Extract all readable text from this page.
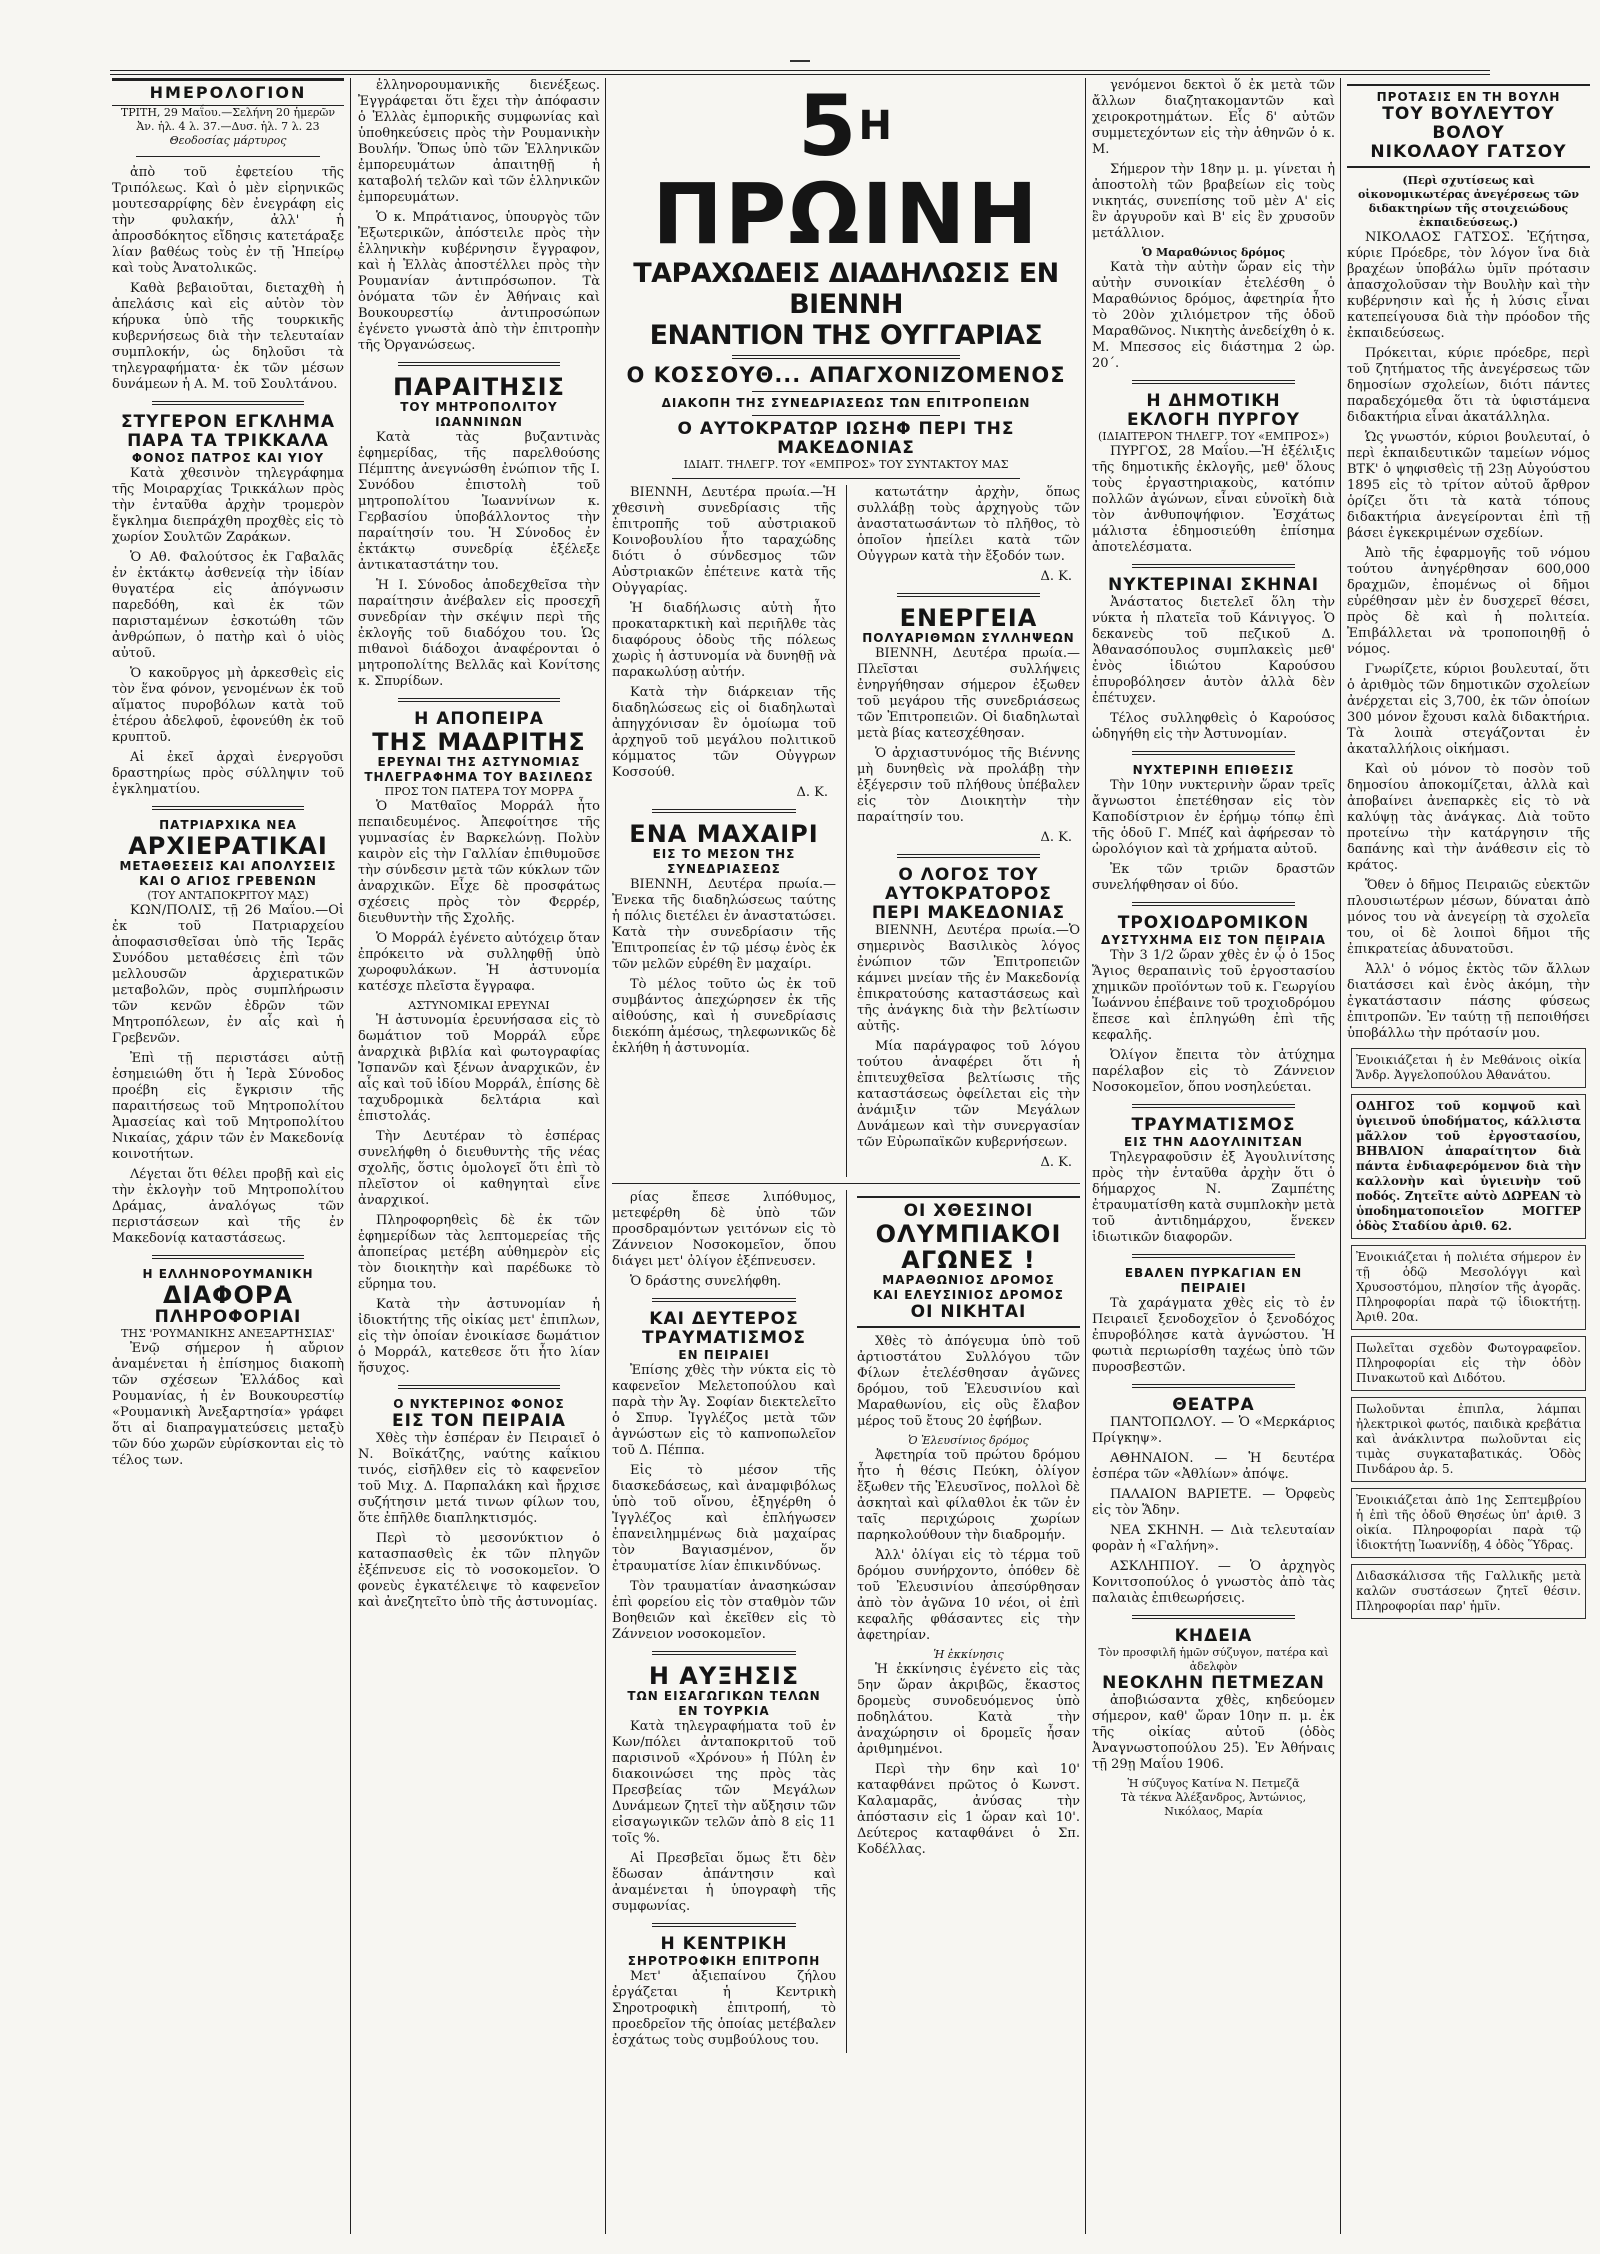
ΗΜΕΡΟΛΟΓΙΟΝ

ΤΡΙΤΗ, 29 Μαΐου.—Σελήνη 20 ἡμερῶν

Ἀν. ἡλ. 4 λ. 37.—Δυσ. ἡλ. 7 λ. 23

Θεοδοσίας μάρτυρος

ἀπὸ τοῦ ἐφετείου τῆς Τριπόλεως. Καὶ ὁ μὲν εἰρηνικῶς μουτεσαρρίφης δὲν ἐνεγράφη εἰς τὴν φυλακήν, ἀλλ' ἡ ἀπροσδόκητος εἴδησις κατετάραξε λίαν βαθέως τοὺς ἐν τῇ Ἠπείρῳ καὶ τοὺς Ἀνατολικῶς.

Καθὰ βεβαιοῦται, διεταχθὴ ἡ ἀπελάσις καὶ εἰς αὐτὸν τὸν κήρυκα ὑπὸ τῆς τουρκικῆς κυβερνήσεως διὰ τὴν τελευταίαν συμπλοκήν, ὡς δηλοῦσι τὰ τηλεγραφήματα· ἐκ τῶν μέσων δυνάμεων ἡ Α. Μ. τοῦ Σουλτάνου.

ΣΤΥΓΕΡΟΝ ΕΓΚΛΗΜΑ
ΠΑΡΑ ΤΑ ΤΡΙΚΚΑΛΑ

ΦΟΝΟΣ ΠΑΤΡΟΣ ΚΑΙ ΥΙΟΥ

Κατὰ χθεσινὸν τηλεγράφημα τῆς Μοιραρχίας Τρικκάλων πρὸς τὴν ἐνταῦθα ἀρχὴν τρομερὸν ἔγκλημα διεπράχθη προχθὲς εἰς τὸ χωρίον Σουλτῶν Ζαράκων.

Ὁ Αθ. Φαλούτσος ἐκ Γαβαλᾶς ἐν ἐκτάκτῳ ἀσθενείᾳ τὴν ἰδίαν θυγατέρα εἰς ἀπόγνωσιν παρεδόθη, καὶ ἐκ τῶν παρισταμένων ἐσκοτώθη τῶν ἀνθρώπων, ὁ πατὴρ καὶ ὁ υἱὸς αὐτοῦ.

Ὁ κακοῦργος μὴ ἀρκεσθεὶς εἰς τὸν ἕνα φόνον, γενομένων ἐκ τοῦ αἵματος πυροβόλων κατὰ τοῦ ἐτέρου ἀδελφοῦ, ἐφονεύθη ἐκ τοῦ κρυπτοῦ.

Αἱ ἐκεῖ ἀρχαὶ ἐνεργοῦσι δραστηρίως πρὸς σύλληψιν τοῦ ἐγκληματίου.

ΠΑΤΡΙΑΡΧΙΚΑ ΝΕΑ

ΑΡΧΙΕΡΑΤΙΚΑΙ

ΜΕΤΑΘΕΣΕΙΣ ΚΑΙ ΑΠΟΛΥΣΕΙΣ

ΚΑΙ Ο ΑΓΙΟΣ ΓΡΕΒΕΝΩΝ

(ΤΟΥ ΑΝΤΑΠΟΚΡΙΤΟΥ ΜΑΣ)

ΚΩΝ/ΠΟΛΙΣ, τῇ 26 Μαΐου.—Οἱ ἐκ τοῦ Πατριαρχείου ἀποφασισθεῖσαι ὑπὸ τῆς Ἱερᾶς Συνόδου μεταθέσεις ἐπὶ τῶν μελλουσῶν ἀρχιερατικῶν μεταβολῶν, πρὸς συμπλήρωσιν τῶν κενῶν ἐδρῶν τῶν Μητροπόλεων, ἐν αἷς καὶ ἡ Γρεβενῶν.

Ἐπὶ τῇ περιστάσει αὐτῇ ἐσημειώθη ὅτι ἡ Ἱερὰ Σύνοδος προέβη εἰς ἔγκρισιν τῆς παραιτήσεως τοῦ Μητροπολίτου Ἀμασείας καὶ τοῦ Μητροπολίτου Νικαίας, χάριν τῶν ἐν Μακεδονίᾳ κοινοτήτων.

Λέγεται ὅτι θέλει προβῇ καὶ εἰς τὴν ἐκλογὴν τοῦ Μητροπολίτου Δράμας, ἀναλόγως τῶν περιστάσεων καὶ τῆς ἐν Μακεδονίᾳ καταστάσεως.

Η ΕΛΛΗΝΟΡΟΥΜΑΝΙΚΗ

ΔΙΑΦΟΡΑ

ΠΛΗΡΟΦΟΡΙΑΙ

ΤΗΣ 'ΡΟΥΜΑΝΙΚΗΣ ΑΝΕΞΑΡΤΗΣΙΑΣ'

Ἐνῷ σήμερον ἡ αὔριον ἀναμένεται ἡ ἐπίσημος διακοπὴ τῶν σχέσεων Ἑλλάδος καὶ Ρουμανίας, ἡ ἐν Βουκουρεστίῳ «Ρουμανικὴ Ἀνεξαρτησία» γράφει ὅτι αἱ διαπραγματεύσεις μεταξὺ τῶν δύο χωρῶν εὑρίσκονται εἰς τὸ τέλος των.

ἑλληνορουμανικῆς διενέξεως. Ἐγγράφεται ὅτι ἔχει τὴν ἀπόφασιν ὁ Ἑλλὰς ἐμπορικῆς συμφωνίας καὶ ὑποθηκεύσεις πρὸς τὴν Ρουμανικὴν Βουλήν. Ὅπως ὑπὸ τῶν Ἑλληνικῶν ἐμπορευμάτων ἀπαιτηθῇ ἡ καταβολή τελῶν καὶ τῶν ἑλληνικῶν ἐμπορευμάτων.

Ὁ κ. Μπράτιανος, ὑπουργὸς τῶν Ἐξωτερικῶν, ἀπόστειλε πρὸς τὴν ἑλληνικὴν κυβέρνησιν ἔγγραφον, καὶ ἡ Ἑλλὰς ἀποστέλλει πρὸς τὴν Ρουμανίαν ἀντιπρόσωπον. Τὰ ὀνόματα τῶν ἐν Ἀθήναις καὶ Βουκουρεστίῳ ἀντιπροσώπων ἐγένετο γνωστὰ ἀπὸ τὴν ἐπιτροπὴν τῆς Ὀργανώσεως.

ΠΑΡΑΙΤΗΣΙΣ

ΤΟΥ ΜΗΤΡΟΠΟΛΙΤΟΥ ΙΩΑΝΝΙΝΩΝ

Κατὰ τὰς βυζαντινὰς ἐφημερίδας, τῆς παρελθούσης Πέμπτης ἀνεγνώσθη ἐνώπιον τῆς Ι. Συνόδου ἐπιστολὴ τοῦ μητροπολίτου Ἰωαννίνων κ. Γερβασίου ὑποβάλλοντος τὴν παραίτησίν του. Ἡ Σύνοδος ἐν ἐκτάκτῳ συνεδρίᾳ ἐξέλεξε ἀντικαταστάτην του.

Ἡ Ι. Σύνοδος ἀποδεχθεῖσα τὴν παραίτησιν ἀνέβαλεν εἰς προσεχῆ συνεδρίαν τὴν σκέψιν περὶ τῆς ἐκλογῆς τοῦ διαδόχου του. Ὡς πιθανοὶ διάδοχοι ἀναφέρονται ὁ μητροπολίτης Βελλᾶς καὶ Κονίτσης κ. Σπυρίδων.

Η ΑΠΟΠΕΙΡΑ
ΤΗΣ ΜΑΔΡΙΤΗΣ

ΕΡΕΥΝΑΙ ΤΗΣ ΑΣΤΥΝΟΜΙΑΣ

ΤΗΛΕΓΡΑΦΗΜΑ ΤΟΥ ΒΑΣΙΛΕΩΣ

ΠΡΟΣ ΤΟΝ ΠΑΤΕΡΑ ΤΟΥ ΜΟΡΡΑ

Ὁ Ματθαῖος Μορράλ ἦτο πεπαιδευμένος. Ἀπεφοίτησε τῆς γυμνασίας ἐν Βαρκελώνῃ. Πολὺν καιρὸν εἰς τὴν Γαλλίαν ἐπιθυμοῦσε τὴν σύνδεσιν μετὰ τῶν κύκλων τῶν ἀναρχικῶν. Εἶχε δὲ προσφάτως σχέσεις πρὸς τὸν Φερρέρ, διευθυντὴν τῆς Σχολῆς.

Ὁ Μορράλ ἐγένετο αὐτόχειρ ὅταν ἐπρόκειτο νὰ συλληφθῇ ὑπὸ χωροφυλάκων. Ἡ ἀστυνομία κατέσχε πλεῖστα ἔγγραφα.

ΑΣΤΥΝΟΜΙΚΑΙ ΕΡΕΥΝΑΙ

Ἡ ἀστυνομία ἐρευνήσασα εἰς τὸ δωμάτιον τοῦ Μορράλ εὗρε ἀναρχικὰ βιβλία καὶ φωτογραφίας Ἰσπανῶν καὶ ξένων ἀναρχικῶν, ἐν αἷς καὶ τοῦ ἰδίου Μορράλ, ἐπίσης δὲ ταχυδρομικὰ δελτάρια καὶ ἐπιστολάς.

Τὴν Δευτέραν τὸ ἑσπέρας συνελήφθη ὁ διευθυντὴς τῆς νέας σχολῆς, ὅστις ὁμολογεῖ ὅτι ἐπὶ τὸ πλεῖστον οἱ καθηγηταὶ εἶνε ἀναρχικοί.

Πληροφορηθεὶς δὲ ἐκ τῶν ἐφημερίδων τὰς λεπτομερείας τῆς ἀποπείρας μετέβη αὐθημερὸν εἰς τὸν διοικητὴν καὶ παρέδωκε τὸ εὕρημα του.

Κατὰ τὴν ἀστυνομίαν ἡ ἰδιοκτήτης τῆς οἰκίας μετ' ἐπιπλων, εἰς τὴν ὁποίαν ἐνοικίασε δωμάτιον ὁ Μορράλ, κατεθεσε ὅτι ἦτο λίαν ἥσυχος.

Ο ΝΥΚΤΕΡΙΝΟΣ ΦΟΝΟΣ

ΕΙΣ ΤΟΝ ΠΕΙΡΑΙΑ

Χθὲς τὴν ἑσπέραν ἐν Πειραιεῖ ὁ Ν. Βοϊκάτζης, ναύτης καΐκιου τινός, εἰσῆλθεν εἰς τὸ καφενεῖον τοῦ Μιχ. Δ. Παρπαλάκη καὶ ἤρχισε συζήτησιν μετά τινων φίλων του, ὅτε ἐπῆλθε διαπληκτισμός.

Περὶ τὸ μεσονύκτιον ὁ κατασπασθεὶς ἐκ τῶν πληγῶν ἐξέπνευσε εἰς τὸ νοσοκομεῖον. Ὁ φονεὺς ἐγκατέλειψε τὸ καφενεῖον καὶ ἀνεζητεῖτο ὑπὸ τῆς ἀστυνομίας.

$5^H$ ΠΡΩΙΝΗ
ΤΑΡΑΧΩΔΕΙΣ ΔΙΑΔΗΛΩΣΙΣ ΕΝ ΒΙΕΝΝΗ
ΕΝΑΝΤΙΟΝ ΤΗΣ ΟΥΓΓΑΡΙΑΣ
Ο ΚΟΣΣΟΥΘ... ΑΠΑΓΧΟΝΙΖΟΜΕΝΟΣ
ΔΙΑΚΟΠΗ ΤΗΣ ΣΥΝΕΔΡΙΑΣΕΩΣ ΤΩΝ ΕΠΙΤΡΟΠΕΙΩΝ
Ο ΑΥΤΟΚΡΑΤΩΡ ΙΩΣΗΦ ΠΕΡΙ ΤΗΣ ΜΑΚΕΔΟΝΙΑΣ
ΙΔΙΑΙΤ. ΤΗΛΕΓΡ. ΤΟΥ «ΕΜΠΡΟΣ» ΤΟΥ ΣΥΝΤΑΚΤΟΥ ΜΑΣ

ΒΙΕΝΝΗ, Δευτέρα πρωία.—Ἡ χθεσινὴ συνεδρίασις τῆς ἐπιτροπῆς τοῦ αὐστριακοῦ Κοινοβουλίου ἦτο ταραχώδης διότι ὁ σύνδεσμος τῶν Αὐστριακῶν ἐπέτεινε κατὰ τῆς Οὐγγαρίας.

Ἡ διαδήλωσις αὐτὴ ἦτο προκαταρκτικὴ καὶ περιῆλθε τὰς διαφόρους ὁδοὺς τῆς πόλεως χωρὶς ἡ ἀστυνομία νὰ δυνηθῇ νὰ παρακωλύσῃ αὐτήν.

Κατὰ τὴν διάρκειαν τῆς διαδηλώσεως εἰς οἱ διαδηλωταὶ ἀπηγχόνισαν ἓν ὁμοίωμα τοῦ ἀρχηγοῦ τοῦ μεγάλου πολιτικοῦ κόμματος τῶν Οὐγγρων Κοσσούθ.

Δ. Κ.

ΕΝΑ ΜΑΧΑΙΡΙ

ΕΙΣ ΤΟ ΜΕΣΟΝ ΤΗΣ ΣΥΝΕΔΡΙΑΣΕΩΣ

ΒΙΕΝΝΗ, Δευτέρα πρωία.—Ἐνεκα τῆς διαδηλώσεως ταύτης ἡ πόλις διετέλει ἐν ἀναστατώσει. Κατὰ τὴν συνεδρίασιν τῆς Ἐπιτροπείας ἐν τῷ μέσῳ ἑνὸς ἐκ τῶν μελῶν εὑρέθη ἓν μαχαίρι.

Τὸ μέλος τοῦτο ὡς ἐκ τοῦ συμβάντος ἀπεχώρησεν ἐκ τῆς αἰθούσης, καὶ ἡ συνεδρίασις διεκόπη ἀμέσως, τηλεφωνικῶς δὲ ἐκλήθη ἡ ἀστυνομία.

κατωτάτην ἀρχὴν, ὅπως συλλάβῃ τοὺς ἀρχηγοὺς τῶν ἀναστατωσάντων τὸ πλῆθος, τὸ ὁποῖον ἠπείλει κατὰ τῶν Οὐγγρων κατὰ τὴν ἔξοδόν των.

Δ. Κ.

ΕΝΕΡΓΕΙΑ

ΠΟΛΥΑΡΙΘΜΩΝ ΣΥΛΛΗΨΕΩΝ

ΒΙΕΝΝΗ, Δευτέρα πρωία.—Πλεῖσται συλλήψεις ἐνηργήθησαν σήμερον ἐξωθεν τοῦ μεγάρου τῆς συνεδριάσεως τῶν Ἐπιτροπειῶν. Οἱ διαδηλωταὶ μετὰ βίας κατεσχέθησαν.

Ὁ ἀρχιαστυνόμος τῆς Βιέννης μὴ δυνηθεὶς νὰ προλάβῃ τὴν ἐξέγερσιν τοῦ πλήθους ὑπέβαλεν εἰς τὸν Διοικητὴν τὴν παραίτησίν του.

Δ. Κ.

Ο ΛΟΓΟΣ ΤΟΥ ΑΥΤΟΚΡΑΤΟΡΟΣ
ΠΕΡΙ ΜΑΚΕΔΟΝΙΑΣ

ΒΙΕΝΝΗ, Δευτέρα πρωία.—Ὁ σημερινὸς Βασιλικὸς λόγος ἐνώπιον τῶν Ἐπιτροπειῶν κάμνει μνείαν τῆς ἐν Μακεδονίᾳ ἐπικρατούσης καταστάσεως καὶ τῆς ἀνάγκης διὰ τὴν βελτίωσιν αὐτῆς.

Μία παράγραφος τοῦ λόγου τούτου ἀναφέρει ὅτι ἡ ἐπιτευχθεῖσα βελτίωσις τῆς καταστάσεως ὀφείλεται εἰς τὴν ἀνάμιξιν τῶν Μεγάλων Δυνάμεων καὶ τὴν συνεργασίαν τῶν Εὐρωπαϊκῶν κυβερνήσεων.

Δ. Κ.

ρίας ἔπεσε λιπόθυμος, μετεφέρθη δὲ ὑπὸ τῶν προσδραμόντων γειτόνων εἰς τὸ Ζάννειον Νοσοκομεῖον, ὅπου διάγει μετ' ὀλίγον ἐξέπνευσεν.

Ὁ δράστης συνελήφθη.

ΚΑΙ ΔΕΥΤΕΡΟΣ
ΤΡΑΥΜΑΤΙΣΜΟΣ

ΕΝ ΠΕΙΡΑΙΕΙ

Ἐπίσης χθὲς τὴν νύκτα εἰς τὸ καφενεῖον Μελετοπούλου καὶ παρὰ τὴν Ἁγ. Σοφίαν διεκτελεῖτο ὁ Σπυρ. Ἰγγλέζος μετὰ τῶν ἀγνώστων εἰς τὸ καπνοπωλεῖον τοῦ Δ. Πέππα.

Εἰς τὸ μέσον τῆς διασκεδάσεως, καὶ ἀναμφιβόλως ὑπὸ τοῦ οἴνου, ἐξηγέρθη ὁ Ἰγγλέζος καὶ ἐπλήγωσεν ἐπανειλημμένως διὰ μαχαίρας τὸν Βαγιασμένον, ὅν ἐτραυματίσε λίαν ἐπικινδύνως.

Τὸν τραυματίαν ἀνασηκώσαν ἐπὶ φορείου εἰς τὸν σταθμὸν τῶν Βοηθειῶν καὶ ἐκεῖθεν εἰς τὸ Ζάννειον νοσοκομεῖον.

Η ΑΥΞΗΣΙΣ

ΤΩΝ ΕΙΣΑΓΩΓΙΚΩΝ ΤΕΛΩΝ

ΕΝ ΤΟΥΡΚΙΑ

Κατὰ τηλεγραφήματα τοῦ ἐν Κων/πόλει ἀνταποκριτοῦ τοῦ παρισινοῦ «Χρόνου» ἡ Πύλη ἐν διακοινώσει της πρὸς τὰς Πρεσβείας τῶν Μεγάλων Δυνάμεων ζητεῖ τὴν αὔξησιν τῶν εἰσαγωγικῶν τελῶν ἀπὸ 8 εἰς 11 τοῖς %.

Αἱ Πρεσβεῖαι ὅμως ἔτι δὲν ἔδωσαν ἀπάντησιν καὶ ἀναμένεται ἡ ὑπογραφὴ τῆς συμφωνίας.

Η ΚΕΝΤΡΙΚΗ

ΣΗΡΟΤΡΟΦΙΚΗ ΕΠΙΤΡΟΠΗ

Μετ' ἀξιεπαίνου ζήλου ἐργάζεται ἡ Κεντρικὴ Σηροτροφικὴ ἐπιτροπή, τὸ προεδρεῖον τῆς ὁποίας μετέβαλεν ἐσχάτως τοὺς συμβούλους του.

ΟΙ ΧΘΕΣΙΝΟΙ
ΟΛΥΜΠΙΑΚΟΙ ΑΓΩΝΕΣ !

ΜΑΡΑΘΩΝΙΟΣ ΔΡΟΜΟΣ

ΚΑΙ ΕΛΕΥΣΙΝΙΟΣ ΔΡΟΜΟΣ

ΟΙ ΝΙΚΗΤΑΙ

Χθὲς τὸ ἀπόγευμα ὑπὸ τοῦ ἀρτιοστάτου Συλλόγου τῶν Φίλων ἐτελέσθησαν ἀγῶνες δρόμου, τοῦ Ἐλευσινίου καὶ Μαραθωνίου, εἰς οὓς ἔλαβον μέρος τοῦ ἔτους 20 ἐφήβων.

Ὁ Ἐλευσίνιος δρόμος

Ἀφετηρία τοῦ πρώτου δρόμου ἦτο ἡ θέσις Πεύκη, ὀλίγον ἔξωθεν τῆς Ἐλευσῖνος, πολλοὶ δὲ ἀσκηταὶ καὶ φίλαθλοι ἐκ τῶν ἐν ταῖς περιχώροις χωρίων παρηκολούθουν τὴν διαδρομήν.

Ἀλλ' ὀλίγαι εἰς τὸ τέρμα τοῦ δρόμου συνήρχοντο, ὁπόθεν δὲ τοῦ Ἐλευσινίου ἀπεσύρθησαν ἀπὸ τὸν ἀγῶνα 10 νέοι, οἱ ἐπὶ κεφαλῆς φθάσαντες εἰς τὴν ἀφετηρίαν.

Ἡ ἐκκίνησις

Ἡ ἐκκίνησις ἐγένετο εἰς τὰς 5ην ὥραν ἀκριβῶς, ἕκαστος δρομεὺς συνοδευόμενος ὑπὸ ποδηλάτου. Κατὰ τὴν ἀναχώρησιν οἱ δρομεῖς ἦσαν ἀριθμημένοι.

Περὶ τὴν 6ην καὶ 10' καταφθάνει πρῶτος ὁ Κωνστ. Καλαμαρᾶς, ἀνύσας τὴν ἀπόστασιν εἰς 1 ὥραν καὶ 10'. Δεύτερος καταφθάνει ὁ Σπ. Κοδέλλας.

γενόμενοι δεκτοὶ ὅ ἐκ μετὰ τῶν ἄλλων διαζητακομαντῶν καὶ χειροκροτημάτων. Εἷς δ' αὐτῶν συμμετεχόντων εἰς τὴν ἀθηνῶν ὁ κ. Μ.

Σήμερον τὴν 18ην μ. μ. γίνεται ἡ ἀποστολὴ τῶν βραβείων εἰς τοὺς νικητάς, συνεπίσης τοῦ μὲν Α' εἰς ἓν ἀργυροῦν καὶ Β' εἰς ἓν χρυσοῦν μετάλλιον.

Ὁ Μαραθώνιος δρόμος

Κατὰ τὴν αὐτὴν ὥραν εἰς τὴν αὐτὴν συνοικίαν ἐτελέσθη ὁ Μαραθώνιος δρόμος, ἀφετηρία ἦτο τὸ 20ὸν χιλιόμετρον τῆς ὁδοῦ Μαραθῶνος. Νικητὴς ἀνεδείχθη ὁ κ. Μ. Μπεσσος εἰς διάστημα 2 ὡρ. 20΄.

Η ΔΗΜΟΤΙΚΗ
ΕΚΛΟΓΗ ΠΥΡΓΟΥ

(ΙΔΙΑΙΤΕΡΟΝ ΤΗΛΕΓΡ. ΤΟΥ «ΕΜΠΡΟΣ»)

ΠΥΡΓΟΣ, 28 Μαΐου.—Ἡ ἐξέλιξις τῆς δημοτικῆς ἐκλογῆς, μεθ' ὅλους τοὺς ἐργαστηριακοὺς, κατόπιν πολλῶν ἀγώνων, εἶναι εὐνοϊκὴ διὰ τὸν ἀνθυποψήφιον. Ἐσχάτως μάλιστα ἐδημοσιεύθη ἐπίσημα ἀποτελέσματα.

ΝΥΚΤΕΡΙΝΑΙ ΣΚΗΝΑΙ

Ἀνάστατος διετελεῖ ὅλη τὴν νύκτα ἡ πλατεῖα τοῦ Κάνιγγος. Ὁ δεκανεὺς τοῦ πεζικοῦ Δ. Ἀθανασόπουλος συμπλακεὶς μεθ' ἑνὸς ἰδιώτου Καρούσου ἐπυροβόλησεν ἀυτὸν ἀλλὰ δὲν ἐπέτυχεν.

Τέλος συλληφθεὶς ὁ Καρούσος ὡδηγήθη εἰς τὴν Ἀστυνομίαν.

ΝΥΧΤΕΡΙΝΗ ΕΠΙΘΕΣΙΣ

Τὴν 10ην νυκτερινὴν ὥραν τρεῖς ἄγνωστοι ἐπετέθησαν εἰς τὸν Καποδίστριον ἐν ἐρήμῳ τόπῳ ἐπὶ τῆς ὁδοῦ Γ. Μπέζ καὶ ἀφήρεσαν τὸ ὡρολόγιον καὶ τὰ χρήματα αὐτοῦ.

Ἐκ τῶν τριῶν δραστῶν συνελήφθησαν οἱ δύο.

ΤΡΟΧΙΟΔΡΟΜΙΚΟΝ

ΔΥΣΤΥΧΗΜΑ ΕΙΣ ΤΟΝ ΠΕΙΡΑΙΑ

Τὴν 3 1/2 ὥραν χθὲς ἐν ᾧ ὁ 15ος Ἅγιος θεραπαινὶς τοῦ ἐργοστασίου χημικῶν προϊόντων τοῦ κ. Γεωργίου Ἰωάννου ἐπέβαινε τοῦ τροχιοδρόμου ἔπεσε καὶ ἐπληγώθη ἐπὶ τῆς κεφαλῆς.

Ὀλίγον ἔπειτα τὸν ἀτύχημα παρέλαβον εἰς τὸ Ζάννειον Νοσοκομεῖον, ὅπου νοσηλεύεται.

ΤΡΑΥΜΑΤΙΣΜΟΣ

ΕΙΣ ΤΗΝ ΑΔΟΥΛΙΝΙΤΣΑΝ

Τηλεγραφοῦσιν ἐξ Ἀγουλινίτσης πρὸς τὴν ἐνταῦθα ἀρχὴν ὅτι ὁ δήμαρχος Ν. Ζαμπέτης ἐτραυματίσθη κατὰ συμπλοκὴν μετὰ τοῦ ἀντιδημάρχου, ἕνεκεν ἰδιωτικῶν διαφορῶν.

ΕΒΑΛΕΝ ΠΥΡΚΑΓΙΑΝ ΕΝ ΠΕΙΡΑΙΕΙ

Τὰ χαράγματα χθὲς εἰς τὸ ἐν Πειραιεῖ ξενοδοχεῖον ὁ ξενοδόχος ἐπυροβόλησε κατὰ ἀγνώστου. Ἡ φωτιὰ περιωρίσθη ταχέως ὑπὸ τῶν πυροσβεστῶν.

ΘΕΑΤΡΑ

ΠΑΝΤΟΠΩΛΟΥ. — Ὁ «Μερκάριος Πρίγκηψ».

ΑΘΗΝΑΙΟΝ. — Ἡ δευτέρα ἐσπέρα τῶν «Ἀθλίων» ἀπόψε.

ΠΑΛΑΙΟΝ ΒΑΡΙΕΤΕ. — Ὀρφεὺς εἰς τὸν Ἅδην.

ΝΕΑ ΣΚΗΝΗ. — Διὰ τελευταίαν φορὰν ἡ «Γαλήνη».

ΑΣΚΛΗΠΙΟΥ. — Ὁ ἀρχηγὸς Κονιτσοπούλος ὁ γνωστὸς ἀπὸ τὰς παλαιὰς ἐπιθεωρήσεις.

ΚΗΔΕΙΑ

Τὸν προσφιλῆ ἡμῶν σύζυγον, πατέρα καὶ ἀδελφὸν

ΝΕΟΚΛΗΝ ΠΕΤΜΕΖΑΝ

ἀποβιώσαντα χθὲς, κηδεύομεν σήμερον, καθ' ὥραν 10ην π. μ. ἐκ τῆς οἰκίας αὐτοῦ (ὁδὸς Ἀναγνωστοπούλου 25). Ἐν Ἀθήναις τῇ 29ῃ Μαΐου 1906.

Ἡ σύζυγος Κατίνα Ν. Πετμεζᾶ

Τὰ τέκνα Ἀλέξανδρος, Ἀντώνιος, Νικόλαος, Μαρία

ΠΡΟΤΑΣΙΣ ΕΝ ΤΗ ΒΟΥΛΗ
ΤΟΥ ΒΟΥΛΕΥΤΟΥ ΒΟΛΟΥ
ΝΙΚΟΛΑΟΥ ΓΑΤΣΟΥ

(Περὶ σχυτίσεως καὶ οἰκονομικωτέρας ἀνεγέρσεως τῶν διδακτηρίων τῆς στοιχειώδους ἐκπαιδεύσεως.)

ΝΙΚΟΛΑΟΣ ΓΑΤΣΟΣ. Ἐζήτησα, κύριε Πρόεδρε, τὸν λόγον ἵνα διὰ βραχέων ὑποβάλω ὑμῖν πρότασιν ἀπασχολοῦσαν τὴν Βουλὴν καὶ τὴν κυβέρνησιν καὶ ἧς ἡ λύσις εἶναι κατεπείγουσα διὰ τὴν πρόοδον τῆς ἐκπαιδεύσεως.

Πρόκειται, κύριε πρόεδρε, περὶ τοῦ ζητήματος τῆς ἀνεγέρσεως τῶν δημοσίων σχολείων, διότι πάντες παραδεχόμεθα ὅτι τὰ ὑφιστάμενα διδακτήρια εἶναι ἀκατάλληλα.

Ὡς γνωστόν, κύριοι βουλευταί, ὁ περὶ ἐκπαιδευτικῶν ταμείων νόμος ΒΤΚ' ὁ ψηφισθεὶς τῇ 23ῃ Αὐγούστου 1895 εἰς τὸ τρίτον αὐτοῦ ἄρθρον ὁρίζει ὅτι τὰ κατὰ τόπους διδακτήρια ἀνεγείρονται ἐπὶ τῇ βάσει ἐγκεκριμένων σχεδίων.

Ἀπὸ τῆς ἐφαρμογῆς τοῦ νόμου τούτου ἀνηγέρθησαν 600,000 δραχμῶν, ἐπομένως οἱ δῆμοι εὑρέθησαν μὲν ἐν δυσχερεῖ θέσει, πρὸς δὲ καὶ ἡ πολιτεία. Ἐπιβάλλεται νὰ τροποποιηθῇ ὁ νόμος.

Γνωρίζετε, κύριοι βουλευταί, ὅτι ὁ ἀριθμὸς τῶν δημοτικῶν σχολείων ἀνέρχεται εἰς 3,700, ἐκ τῶν ὁποίων 300 μόνον ἔχουσι καλὰ διδακτήρια. Τὰ λοιπὰ στεγάζονται ἐν ἀκαταλλήλοις οἰκήμασι.

Καὶ οὐ μόνον τὸ ποσὸν τοῦ δημοσίου ἀποκομίζεται, ἀλλὰ καὶ ἀποβαίνει ἀνεπαρκὲς εἰς τὸ νὰ καλύψῃ τὰς ἀνάγκας. Διὰ τοῦτο προτείνω τὴν κατάργησιν τῆς δαπάνης καὶ τὴν ἀνάθεσιν εἰς τὸ κράτος.

Ὅθεν ὁ δῆμος Πειραιῶς εὐεκτῶν πλουσιωτέρων μέσων, δύναται ἀπὸ μόνος του νὰ ἀνεγείρῃ τὰ σχολεῖα του, οἱ δὲ λοιποὶ δῆμοι τῆς ἐπικρατείας ἀδυνατοῦσι.

Ἀλλ' ὁ νόμος ἐκτὸς τῶν ἄλλων διατάσσει καὶ ἑνὸς ἀκόμη, τὴν ἐγκατάστασιν πάσης φύσεως ἐπιτροπῶν. Ἐν ταύτῃ τῇ πεποιθήσει ὑποβάλλω τὴν πρότασίν μου.

Ἐνοικιάζεται ἡ ἐν Μεθάνοις οἰκία Ἄνδρ. Ἀγγελοπούλου Ἀθανάτου.
ΟΔΗΓΟΣ τοῦ κομψοῦ καὶ ὑγιεινοῦ ὑποδήματος, κάλλιστα μᾶλλον τοῦ ἐργοστασίου, ΒΗΒΛΙΟΝ ἀπαραίτητον διὰ πάντα ἐνδιαφερόμενον διὰ τὴν καλλονὴν καὶ ὑγιεινὴν τοῦ ποδός. Ζητεῖτε αὐτὸ ΔΩΡΕΑΝ τὸ ὑποδηματοποιεῖον ΜΟΓΓΕΡ ὁδὸς Σταδίου ἀριθ. 62.
Ἐνοικιάζεται ἡ πολιέτα σήμερον ἐν τῇ ὁδῷ Μεσολόγγι καὶ Χρυσοστόμου, πλησίον τῆς ἀγορᾶς. Πληροφορίαι παρὰ τῷ ἰδιοκτήτῃ. Ἀριθ. 20α.
Πωλεῖται σχεδὸν Φωτογραφεῖον. Πληροφορίαι εἰς τὴν ὁδὸν Πινακωτοῦ καὶ Διδότου.
Πωλοῦνται ἐπιπλα, λάμπαι ἠλεκτρικοὶ φωτός, παιδικὰ κρεβάτια καὶ ἀνάκλιντρα πωλοῦνται εἰς τιμὰς συγκαταβατικάς. Ὁδὸς Πινδάρου ἀρ. 5.
Ἐνοικιάζεται ἀπὸ 1ης Σεπτεμβρίου ἡ ἐπὶ τῆς ὁδοῦ Θησέως ὑπ' ἀριθ. 3 οἰκία. Πληροφορίαι παρὰ τῷ ἰδιοκτήτῃ Ἰωαννίδῃ, 4 ὁδὸς Ὕδρας.
Διδασκάλισσα τῆς Γαλλικῆς μετὰ καλῶν συστάσεων ζητεῖ θέσιν. Πληροφορίαι παρ' ἡμῖν.
